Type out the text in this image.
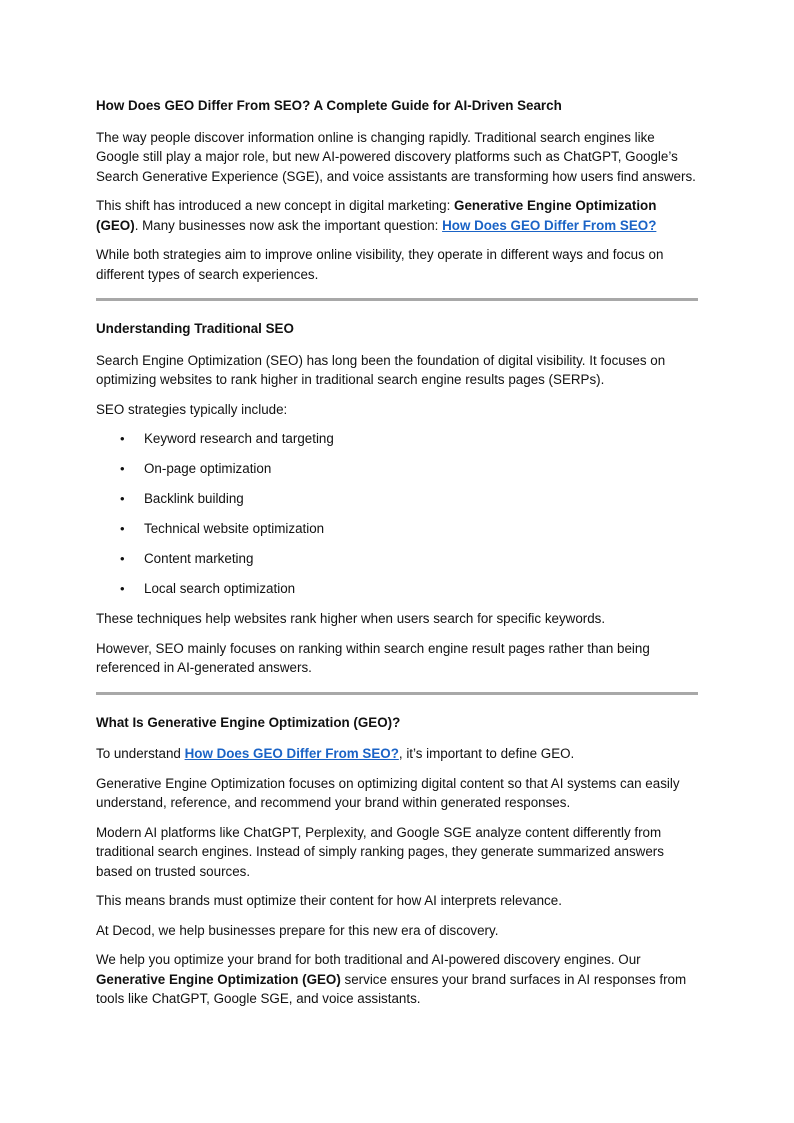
How Does GEO Differ From SEO? A Complete Guide for AI-Driven Search

The way people discover information online is changing rapidly. Traditional search engines like Google still play a major role, but new AI-powered discovery platforms such as ChatGPT, Google’s Search Generative Experience (SGE), and voice assistants are transforming how users find answers.

This shift has introduced a new concept in digital marketing: Generative Engine Optimization (GEO). Many businesses now ask the important question: How Does GEO Differ From SEO?

While both strategies aim to improve online visibility, they operate in different ways and focus on different types of search experiences.

Understanding Traditional SEO

Search Engine Optimization (SEO) has long been the foundation of digital visibility. It focuses on optimizing websites to rank higher in traditional search engine results pages (SERPs).

SEO strategies typically include:

• Keyword research and targeting
• On-page optimization
• Backlink building
• Technical website optimization
• Content marketing
• Local search optimization

These techniques help websites rank higher when users search for specific keywords.

However, SEO mainly focuses on ranking within search engine result pages rather than being referenced in AI-generated answers.

What Is Generative Engine Optimization (GEO)?

To understand How Does GEO Differ From SEO?, it’s important to define GEO.

Generative Engine Optimization focuses on optimizing digital content so that AI systems can easily understand, reference, and recommend your brand within generated responses.

Modern AI platforms like ChatGPT, Perplexity, and Google SGE analyze content differently from traditional search engines. Instead of simply ranking pages, they generate summarized answers based on trusted sources.

This means brands must optimize their content for how AI interprets relevance.

At Decod, we help businesses prepare for this new era of discovery.

We help you optimize your brand for both traditional and AI-powered discovery engines. Our Generative Engine Optimization (GEO) service ensures your brand surfaces in AI responses from tools like ChatGPT, Google SGE, and voice assistants.
